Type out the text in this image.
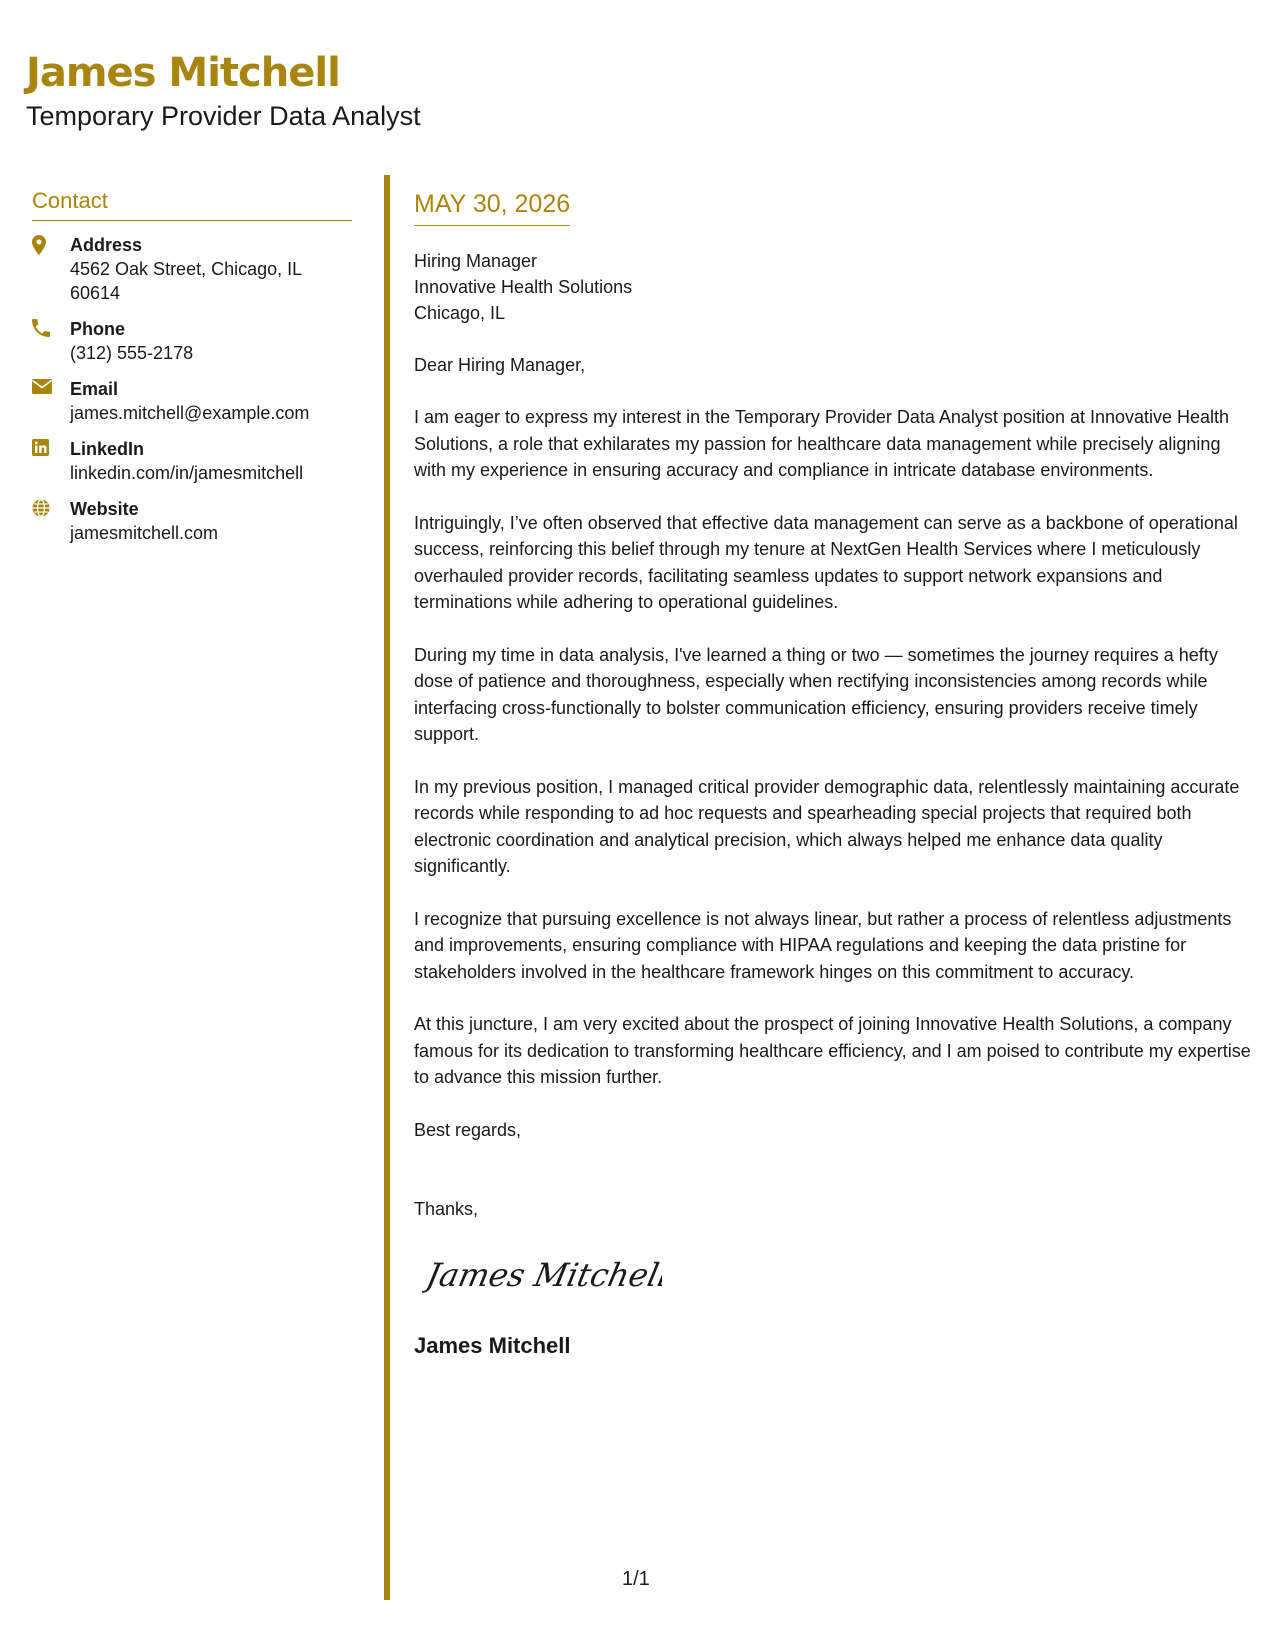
James Mitchell
Temporary Provider Data Analyst
Contact
Address
4562 Oak Street, Chicago, IL 60614
Phone
(312) 555-2178
Email
james.mitchell@example.com
LinkedIn
linkedin.com/in/jamesmitchell
Website
jamesmitchell.com
MAY 30, 2026
Hiring Manager
Innovative Health Solutions
Chicago, IL
Dear Hiring Manager,
I am eager to express my interest in the Temporary Provider Data Analyst position at Innovative Health Solutions, a role that exhilarates my passion for healthcare data management while precisely aligning with my experience in ensuring accuracy and compliance in intricate database environments.
Intriguingly, I’ve often observed that effective data management can serve as a backbone of operational success, reinforcing this belief through my tenure at NextGen Health Services where I meticulously overhauled provider records, facilitating seamless updates to support network expansions and terminations while adhering to operational guidelines.
During my time in data analysis, I've learned a thing or two — sometimes the journey requires a hefty dose of patience and thoroughness, especially when rectifying inconsistencies among records while interfacing cross-functionally to bolster communication efficiency, ensuring providers receive timely support.
In my previous position, I managed critical provider demographic data, relentlessly maintaining accurate records while responding to ad hoc requests and spearheading special projects that required both electronic coordination and analytical precision, which always helped me enhance data quality significantly.
I recognize that pursuing excellence is not always linear, but rather a process of relentless adjustments and improvements, ensuring compliance with HIPAA regulations and keeping the data pristine for stakeholders involved in the healthcare framework hinges on this commitment to accuracy.
At this juncture, I am very excited about the prospect of joining Innovative Health Solutions, a company famous for its dedication to transforming healthcare efficiency, and I am poised to contribute my expertise to advance this mission further.
Best regards,
Thanks,
James Mitchell
James Mitchell
1/1
